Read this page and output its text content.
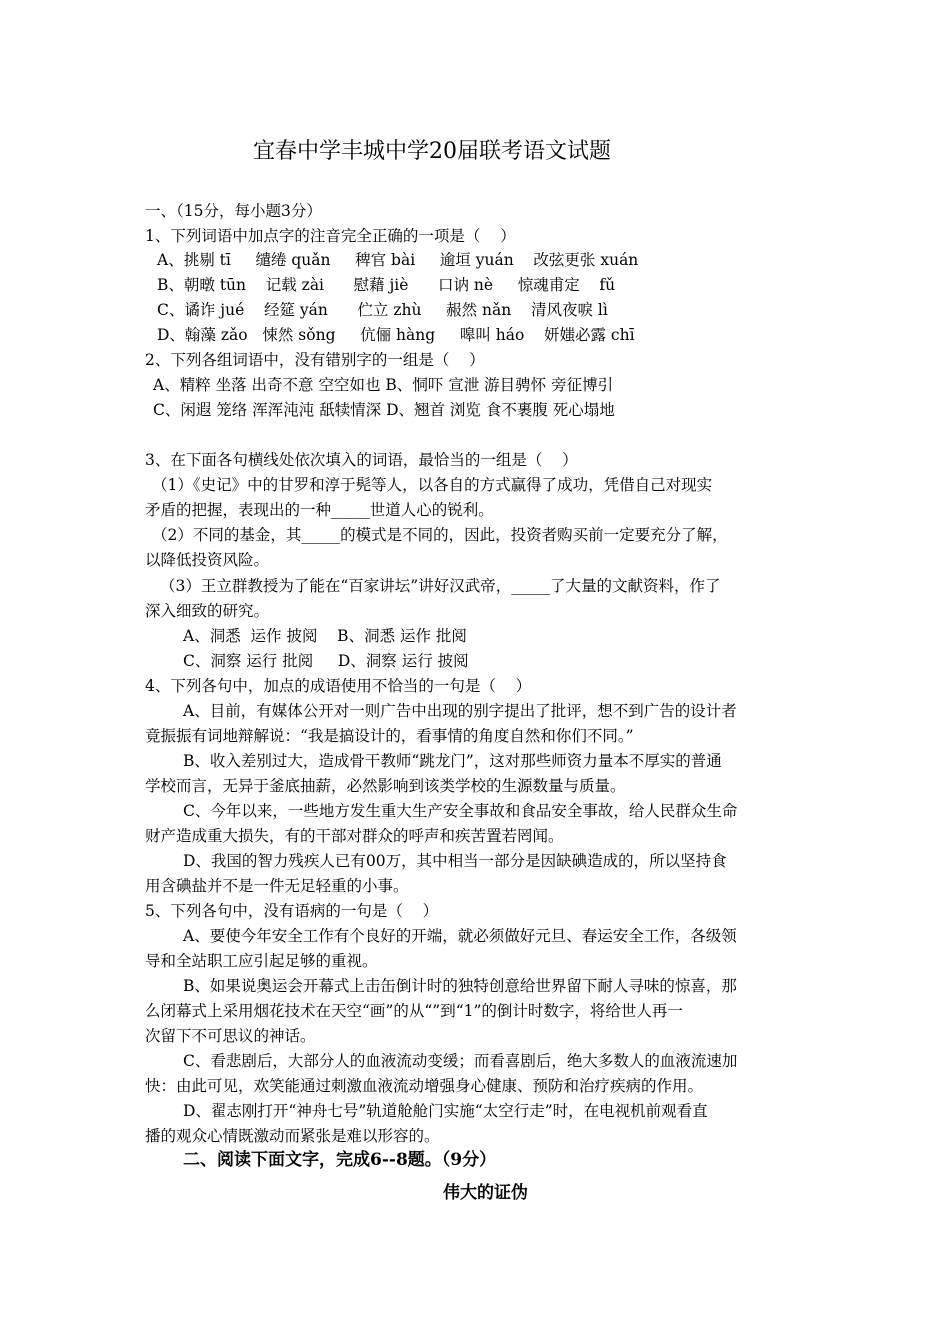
宜春中学丰城中学20届联考语文试题
一、（15分，每小题3分）
1、下列词语中加点字的注音完全正确的一项是（    ）
A、挑剔 tī     缱绻 quǎn     稗官 bài     逾垣 yuán    改弦更张 xuán
B、朝暾 tūn    记载 zài      慰藉 jiè      口讷 nè     惊魂甫定    fǔ
C、谲诈 jué    经筵 yán      伫立 zhù     赧然 nǎn    清风夜唳 lì
D、翰藻 zǎo   悚然 sǒng     伉俪 hàng     嗥叫 háo    妍媸必露 chī
2、下列各组词语中，没有错别字的一组是（    ）
A、精粹 坐落 出奇不意 空空如也 B、恫吓 宣泄 游目骋怀 旁征博引
C、闲遐 笼络 浑浑沌沌 舐犊情深 D、翘首 浏览 食不裹腹 死心塌地
3、在下面各句横线处依次填入的词语，最恰当的一组是（    ）
（1）《史记》中的甘罗和淳于髡等人，以各自的方式赢得了成功，凭借自己对现实
矛盾的把握，表现出的一种_____世道人心的锐利。
（2）不同的基金，其_____的模式是不同的，因此，投资者购买前一定要充分了解，
以降低投资风险。
（3）王立群教授为了能在“百家讲坛”讲好汉武帝，_____了大量的文献资料，作了
深入细致的研究。
A、洞悉  运作 披阅    B、洞悉 运作 批阅
C、洞察 运行 批阅     D、洞察 运行 披阅
4、下列各句中，加点的成语使用不恰当的一句是（    ）
A、目前，有媒体公开对一则广告中出现的别字提出了批评，想不到广告的设计者
竟振振有词地辩解说：“我是搞设计的，看事情的角度自然和你们不同。”
B、收入差别过大，造成骨干教师“跳龙门”，这对那些师资力量本不厚实的普通
学校而言，无异于釜底抽薪，必然影响到该类学校的生源数量与质量。
C、今年以来，一些地方发生重大生产安全事故和食品安全事故，给人民群众生命
财产造成重大损失，有的干部对群众的呼声和疾苦置若罔闻。
D、我国的智力残疾人已有00万，其中相当一部分是因缺碘造成的，所以坚持食
用含碘盐并不是一件无足轻重的小事。
5、下列各句中，没有语病的一句是（    ）
A、要使今年安全工作有个良好的开端，就必须做好元旦、春运安全工作，各级领
导和全站职工应引起足够的重视。
B、如果说奥运会开幕式上击缶倒计时的独特创意给世界留下耐人寻味的惊喜，那
么闭幕式上采用烟花技术在天空“画”的从“”到“1”的倒计时数字，将给世人再一
次留下不可思议的神话。
C、看悲剧后，大部分人的血液流动变缓；而看喜剧后，绝大多数人的血液流速加
快：由此可见，欢笑能通过刺激血液流动增强身心健康、预防和治疗疾病的作用。
D、翟志刚打开“神舟七号”轨道舱舱门实施“太空行走”时，在电视机前观看直
播的观众心情既激动而紧张是难以形容的。
二、阅读下面文字，完成6--8题。（9分）
伟大的证伪
